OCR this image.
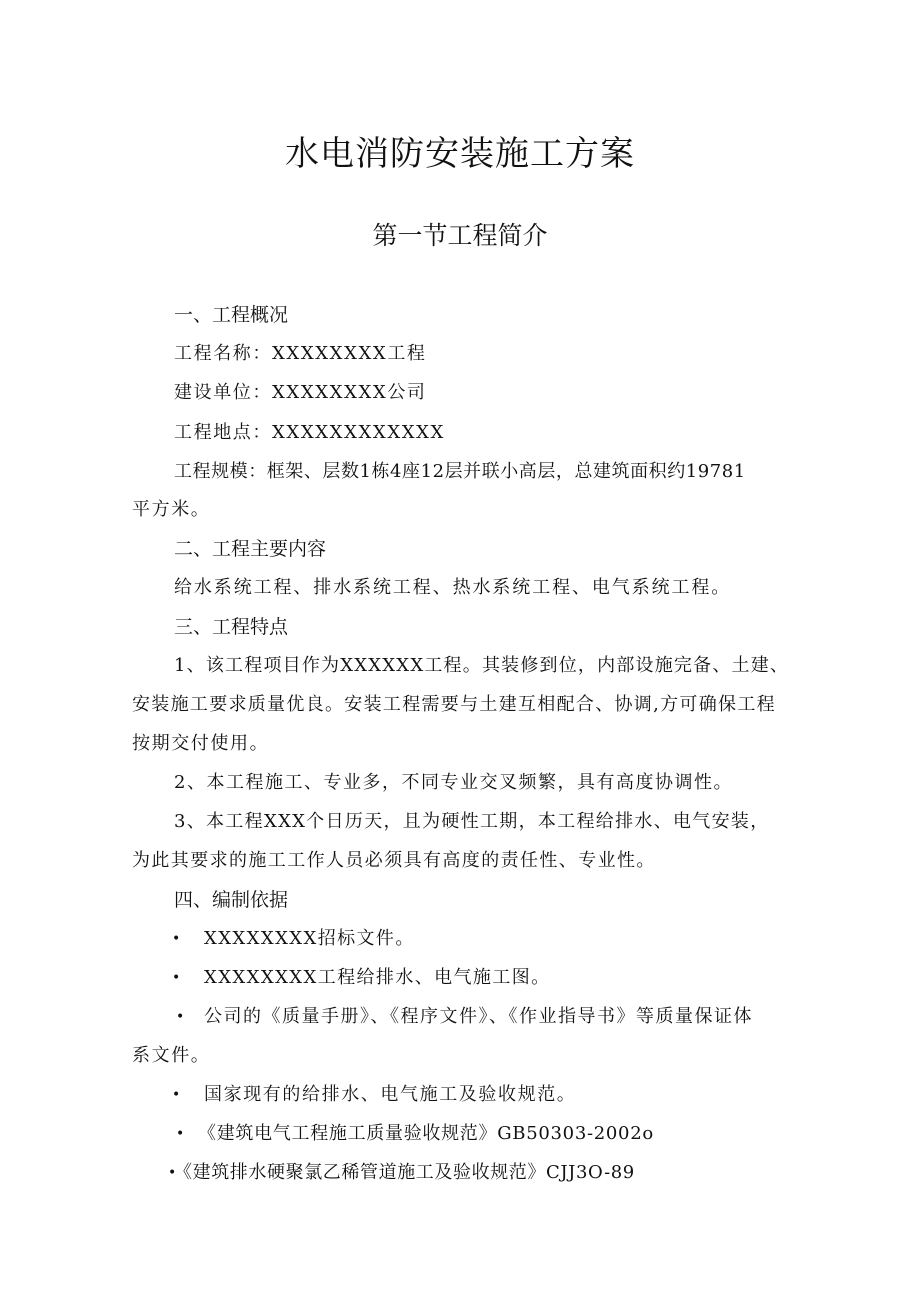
水电消防安装施工方案
第一节工程简介
一、工程概况
工程名称：XXXXXXXX工程
建设单位：XXXXXXXX公司
工程地点：XXXXXXXXXXXX
工程规模：框架、层数1栋4座12层并联小高层，总建筑面积约19781
平方米。
二、工程主要内容
给水系统工程、排水系统工程、热水系统工程、电气系统工程。
三、工程特点
1、该工程项目作为XXXXXX工程。其装修到位，内部设施完备、土建、
安装施工要求质量优良。安装工程需要与土建互相配合、协调,方可确保工程
按期交付使用。
2、本工程施工、专业多，不同专业交叉频繁，具有高度协调性。
3、本工程XXX个日历天，且为硬性工期，本工程给排水、电气安装，
为此其要求的施工工作人员必须具有高度的责任性、专业性。
四、编制依据
• XXXXXXXX招标文件。
• XXXXXXXX工程给排水、电气施工图。
• 公司的《质量手册》、《程序文件》、《作业指导书》等质量保证体
系文件。
• 国家现有的给排水、电气施工及验收规范。
• 《建筑电气工程施工质量验收规范》GB50303-2002o
•
《建筑排水硬聚氯乙稀管道施工及验收规范》CJJ3O-89
